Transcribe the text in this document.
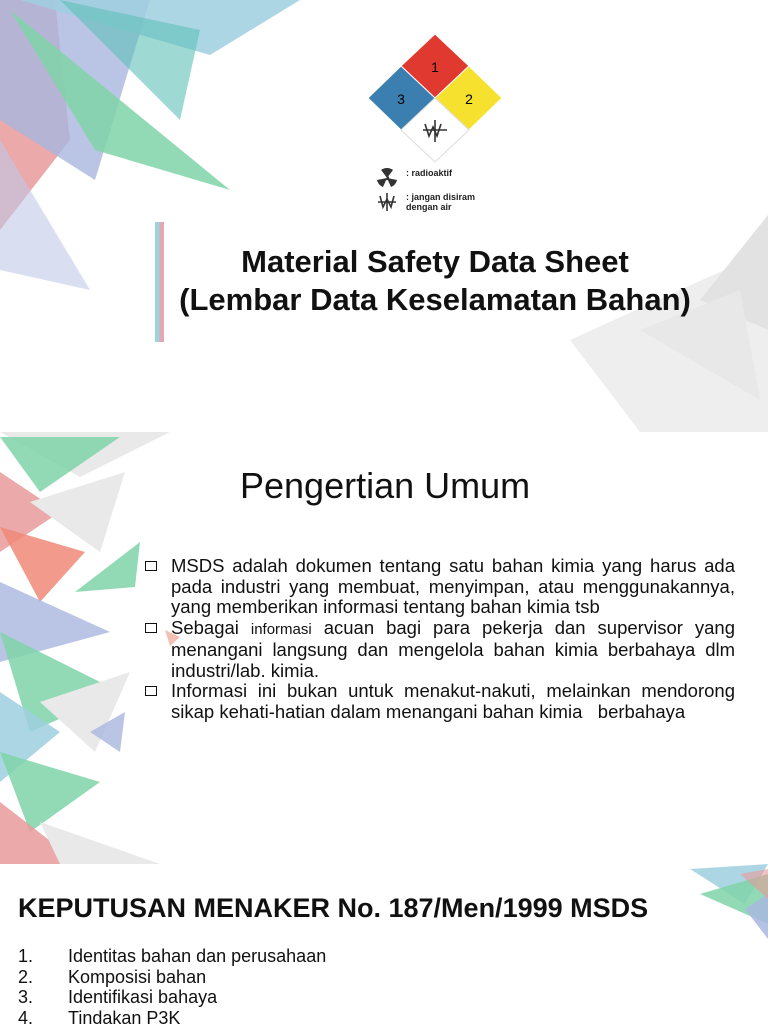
1
3	2
: radioaktif
: jangan disiram   dengan air
Material Safety Data Sheet
(Lembar Data Keselamatan Bahan)
Pengertian Umum
MSDS adalah dokumen tentang satu bahan kimia yang harus ada pada industri yang membuat, menyimpan, atau menggunakannya, yang memberikan informasi tentang bahan kimia tsb
Sebagai informasi acuan bagi para pekerja dan supervisor yang menangani langsung dan mengelola bahan kimia berbahaya dlm industri/lab. kimia.
Informasi ini bukan untuk menakut-nakuti, melainkan mendorong sikap kehati-hatian dalam menangani bahan kimia   berbahaya
KEPUTUSAN MENAKER No. 187/Men/1999 MSDS
1.	Identitas bahan dan perusahaan
2.	Komposisi bahan
3.	Identifikasi bahaya
4.	Tindakan P3K
